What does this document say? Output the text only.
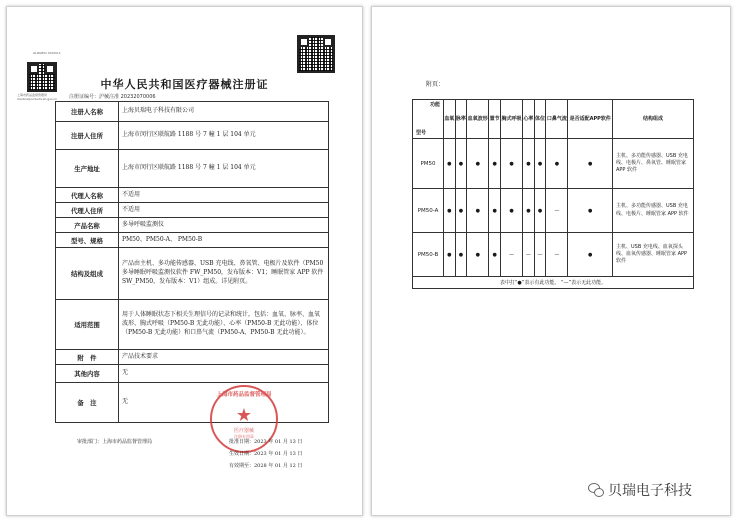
ALIDATIO XXXXX-1
上海市药品监督管理局 medicalproducts.sh.gov.cn
中华人民共和国医疗器械注册证
注册证编号：沪械注准 20232070006
注册人名称	上海贝瑞电子科技有限公司
注册人住所	上海市闵行区联航路 1188 号 7 幢 1 层 104 单元
生产地址	上海市闵行区联航路 1188 号 7 幢 1 层 104 单元
代理人名称	不适用
代理人住所	不适用
产品名称	多导呼吸监测仪
型号、规格	PM50、PM50-A、 PM50-B
结构及组成	产品由主机、多功能传感器、USB 充电线、鼻氧管、电极片及软件（PM50 多导睡眠呼吸监测仪软件 FW_PM50，发布版本：V1；睡眠管家 APP 软件 SW_PM50，发布版本：V1）组成。详见附页。
适用范围	用于人体睡眠状态下相关生理信号的记录和统计，包括：血氧、脉率、血氧波形、胸式呼吸（PM50-B 无此功能）、心率（PM50-B 无此功能）、体位（PM50-B 无此功能）和口鼻气流（PM50-A、PM50-B 无此功能）。
附　件	产品技术要求
其他内容	无
备　注	无
上海市药品监督管理局
★
医疗器械
注册专用章
审批部门：上海市药品监督管理局	批准日期：2023 年 01 月 13 日
生效日期：2023 年 01 月 13 日
有效期至：2028 年 01 月 12 日
附页：
功能
型号	血氧	脉率	血氧波形	置节	胸式呼吸	心率	体位	口鼻气流	是否适配APP软件	结构组成
PM50	●	●	●	●	●	●	●	●	●	主机、多功能传感器、USB 充电线、电极片、鼻氧管、睡眠管家 APP 软件
PM50-A	●	●	●	●	●	●	●	—	●	主机、多功能传感器、USB 充电线、电极片、睡眠管家 APP 软件
PM50-B	●	●	●	●	—	—	—	—	●	主机、USB 充电线、血氧探头线、血氧传感器、睡眠管家 APP 软件
表中打“●”表示有此功能。 “—”表示无此功能。										
贝瑞电子科技
